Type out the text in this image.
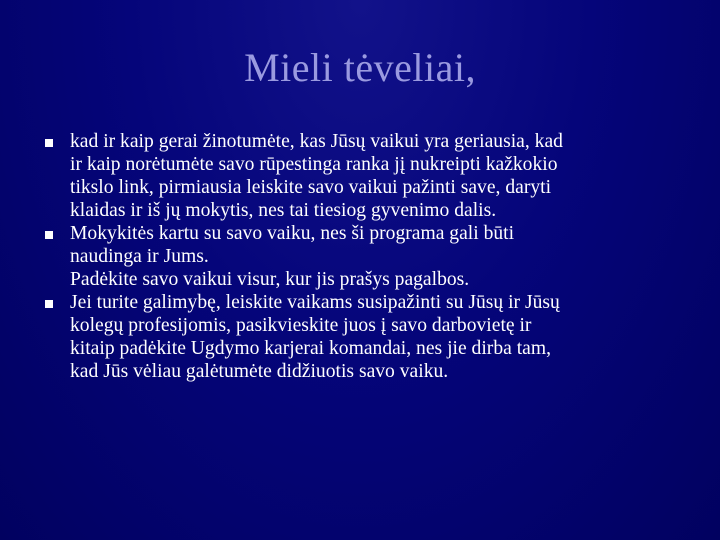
Mieli tėveliai,
kad ir kaip gerai žinotumėte, kas Jūsų vaikui yra geriausia, kad
ir kaip norėtumėte savo rūpestinga ranka jį nukreipti kažkokio
tikslo link, pirmiausia leiskite savo vaikui pažinti save, daryti
klaidas ir iš jų mokytis, nes tai tiesiog gyvenimo dalis.
Mokykitės kartu su savo vaiku, nes ši programa gali būti
naudinga ir Jums.
Padėkite savo vaikui visur, kur jis prašys pagalbos.
Jei turite galimybę, leiskite vaikams susipažinti su Jūsų ir Jūsų
kolegų profesijomis, pasikvieskite juos į savo darbovietę ir
kitaip padėkite Ugdymo karjerai komandai, nes jie dirba tam,
kad Jūs vėliau galėtumėte didžiuotis savo vaiku.
